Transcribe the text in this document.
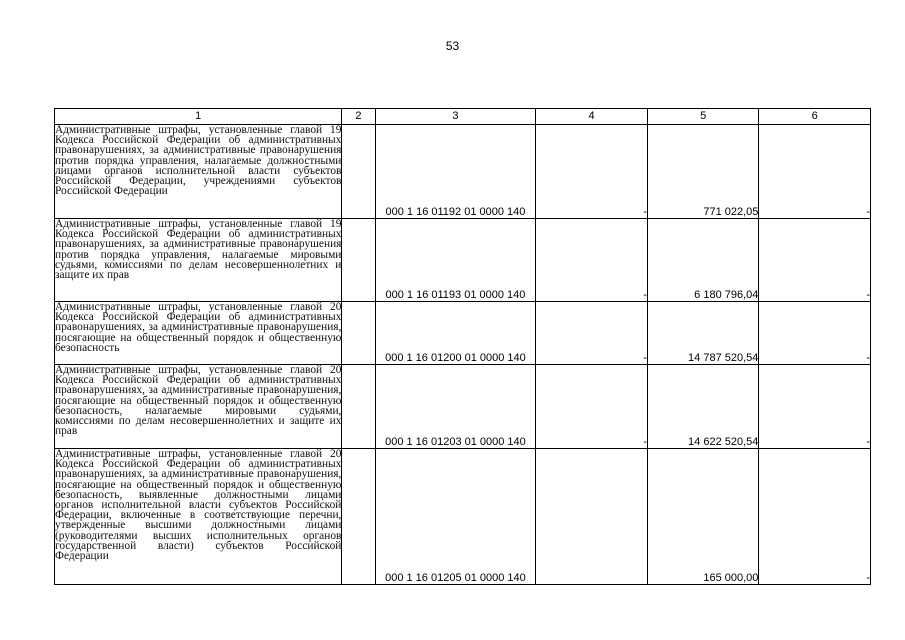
53
1	2	3	4	5	6
Административные штрафы, установленные главой 19 Кодекса Российской Федерации об административных правонарушениях, за административные правонарушения против порядка управления, налагаемые должностными лицами органов исполнительной власти субъектов Российской Федерации, учреждениями субъектов Российской Федерации		000 1 16 01192 01 0000 140	-	771 022,05	-
Административные штрафы, установленные главой 19 Кодекса Российской Федерации об административных правонарушениях, за административные правонарушения против порядка управления, налагаемые мировыми судьями, комиссиями по делам несовершеннолетних и защите их прав		000 1 16 01193 01 0000 140	-	6 180 796,04	-
Административные штрафы, установленные главой 20 Кодекса Российской Федерации об административных правонарушениях, за административные правонарушения, посягающие на общественный порядок и общественную безопасность		000 1 16 01200 01 0000 140	-	14 787 520,54	-
Административные штрафы, установленные главой 20 Кодекса Российской Федерации об административных правонарушениях, за административные правонарушения, посягающие на общественный порядок и общественную безопасность, налагаемые мировыми судьями, комиссиями по делам несовершеннолетних и защите их прав		000 1 16 01203 01 0000 140	-	14 622 520,54	-
Административные штрафы, установленные главой 20 Кодекса Российской Федерации об административных правонарушениях, за административные правонарушения, посягающие на общественный порядок и общественную безопасность, выявленные должностными лицами органов исполнительной власти субъектов Российской Федерации, включенные в соответствующие перечни, утвержденные высшими должностными лицами (руководителями высших исполнительных органов государственной власти) субъектов Российской Федерации		000 1 16 01205 01 0000 140		165 000,00	-
